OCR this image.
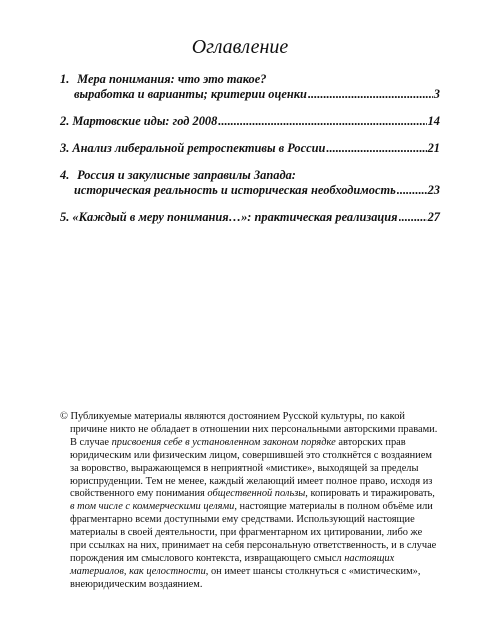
Оглавление
1. Мера понимания: что это такое?
выработка и варианты; критерии оценки .....	3
2.
Мартовские иды: год 2008 .....	14
3.
Анализ либеральной ретроспективы в России .....	21
4. Россия и закулисные заправилы Запада:
историческая реальность и историческая необходимость .....	23
5.
«Каждый в меру понимания…»: практическая реализация ..... 27

© Публикуемые материалы являются достоянием Русской культуры, по какой причине никто не обладает в отношении них персональными авторскими правами. В случае присвоения себе в установленном законом порядке авторских прав юридическим или физическим лицом, совершившей это столкнётся с воздаянием за воровство, выражающемся в неприятной «мистике», выходящей за пределы юриспруденции. Тем не менее, каждый желающий имеет полное право, исходя из свойственного ему понимания общественной пользы, копировать и тиражировать, в том числе с коммерческими целями, настоящие материалы в полном объёме или фрагментарно всеми доступными ему средствами. Использующий настоящие материалы в своей деятельности, при фрагментарном их цитировании, либо же при ссылках на них, принимает на себя персональную ответственность, и в случае порождения им смыслового контекста, извращающего смысл настоящих материалов, как целостности, он имеет шансы столкнуться с «мистическим», внеюридическим воздаянием.
